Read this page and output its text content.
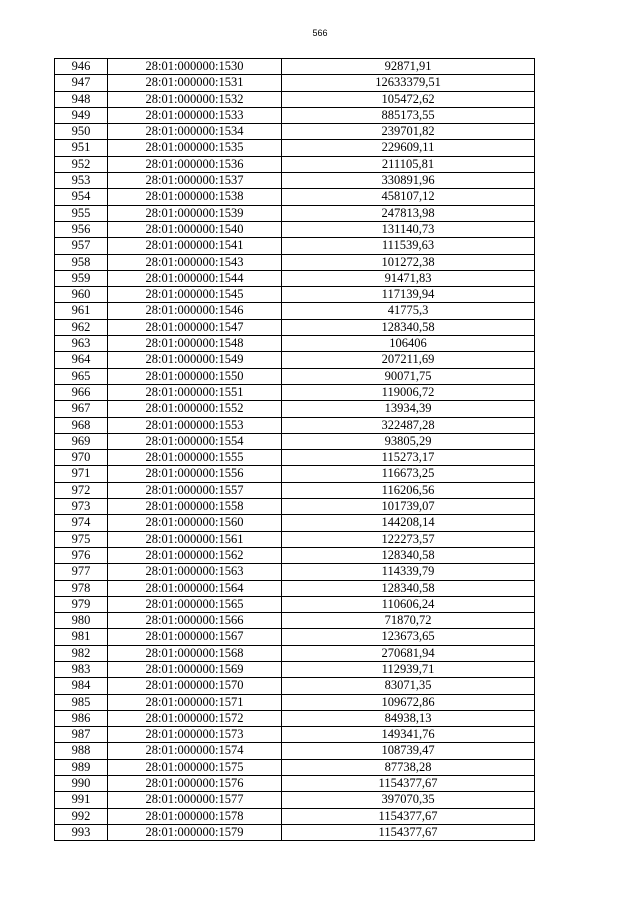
566
946	28:01:000000:1530	92871,91
947	28:01:000000:1531	12633379,51
948	28:01:000000:1532	105472,62
949	28:01:000000:1533	885173,55
950	28:01:000000:1534	239701,82
951	28:01:000000:1535	229609,11
952	28:01:000000:1536	211105,81
953	28:01:000000:1537	330891,96
954	28:01:000000:1538	458107,12
955	28:01:000000:1539	247813,98
956	28:01:000000:1540	131140,73
957	28:01:000000:1541	111539,63
958	28:01:000000:1543	101272,38
959	28:01:000000:1544	91471,83
960	28:01:000000:1545	117139,94
961	28:01:000000:1546	41775,3
962	28:01:000000:1547	128340,58
963	28:01:000000:1548	106406
964	28:01:000000:1549	207211,69
965	28:01:000000:1550	90071,75
966	28:01:000000:1551	119006,72
967	28:01:000000:1552	13934,39
968	28:01:000000:1553	322487,28
969	28:01:000000:1554	93805,29
970	28:01:000000:1555	115273,17
971	28:01:000000:1556	116673,25
972	28:01:000000:1557	116206,56
973	28:01:000000:1558	101739,07
974	28:01:000000:1560	144208,14
975	28:01:000000:1561	122273,57
976	28:01:000000:1562	128340,58
977	28:01:000000:1563	114339,79
978	28:01:000000:1564	128340,58
979	28:01:000000:1565	110606,24
980	28:01:000000:1566	71870,72
981	28:01:000000:1567	123673,65
982	28:01:000000:1568	270681,94
983	28:01:000000:1569	112939,71
984	28:01:000000:1570	83071,35
985	28:01:000000:1571	109672,86
986	28:01:000000:1572	84938,13
987	28:01:000000:1573	149341,76
988	28:01:000000:1574	108739,47
989	28:01:000000:1575	87738,28
990	28:01:000000:1576	1154377,67
991	28:01:000000:1577	397070,35
992	28:01:000000:1578	1154377,67
993	28:01:000000:1579	1154377,67
